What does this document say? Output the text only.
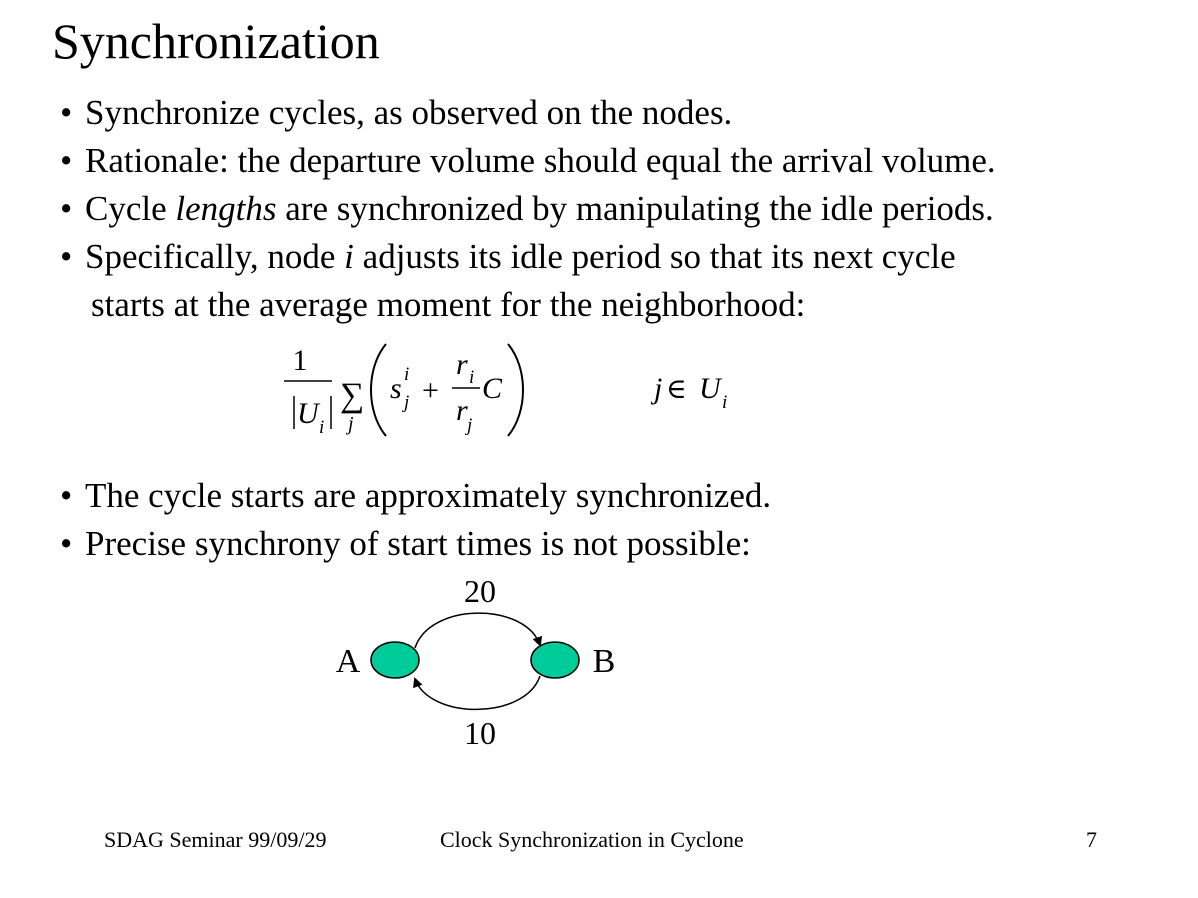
Synchronization
• Synchronize cycles, as observed on the nodes.
• Rationale: the departure volume should equal the arrival volume.
• Cycle lengths are synchronized by manipulating the idle periods.
• Specifically, node i adjusts its idle period so that its next cycle
starts at the average moment for the neighborhood:
1
U i
∑
j
s i
j +
r i
r j
C	j ∈ U i
• The cycle starts are approximately synchronized.
• Precise synchrony of start times is not possible:
20
A	B
10
SDAG Seminar 99/09/29	Clock Synchronization in Cyclone	7
